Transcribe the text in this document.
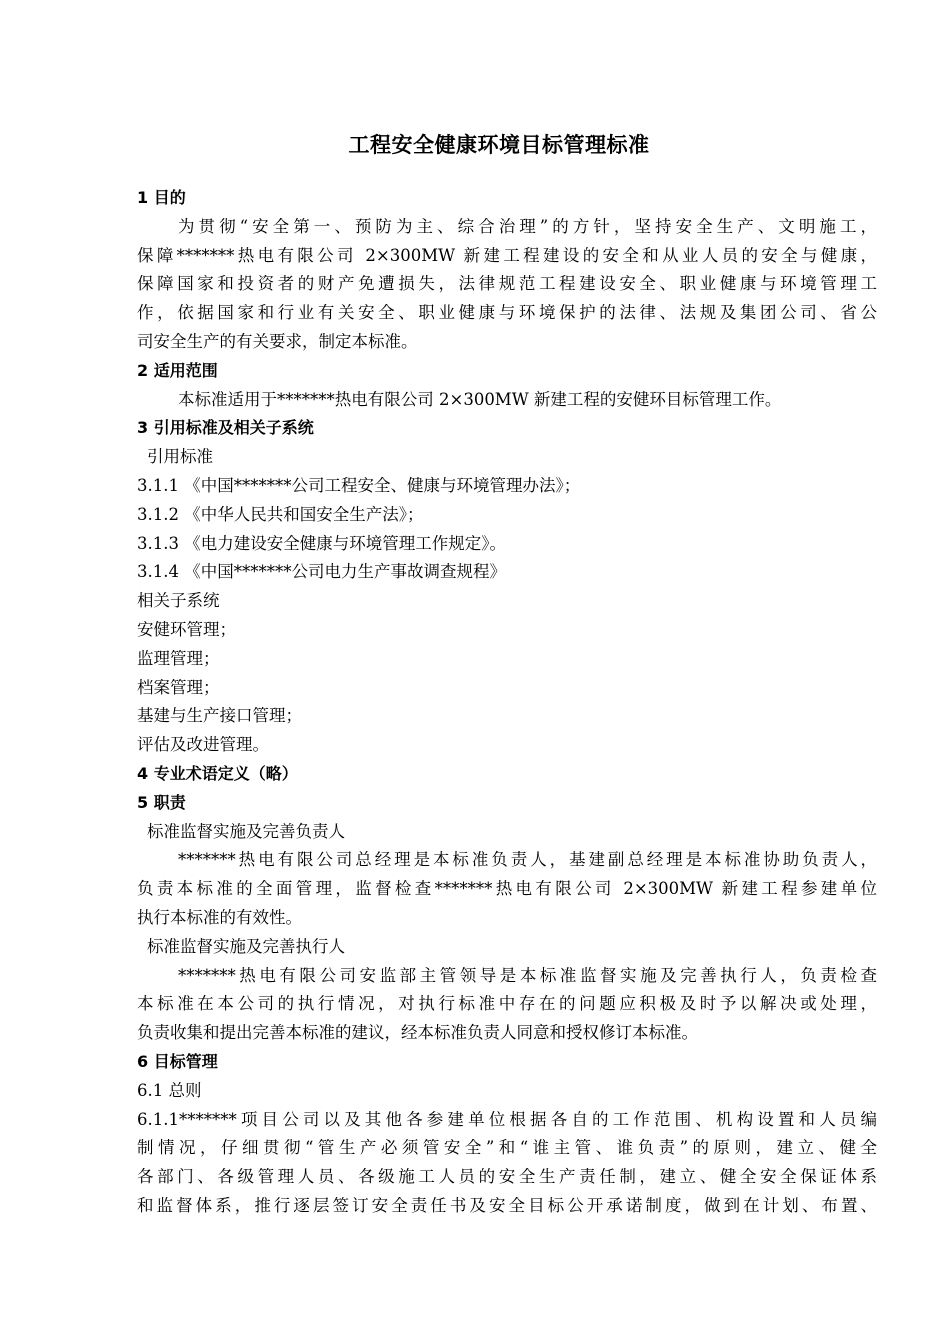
工程安全健康环境目标管理标准
1 目的
为贯彻“安全第一、预防为主、综合治理”的方针，坚持安全生产、文明施工，
保障*******热电有限公司 2×300MW 新建工程建设的安全和从业人员的安全与健康，
保障国家和投资者的财产免遭损失，法律规范工程建设安全、职业健康与环境管理工
作，依据国家和行业有关安全、职业健康与环境保护的法律、法规及集团公司、省公
司安全生产的有关要求，制定本标准。
2 适用范围
本标准适用于*******热电有限公司 2×300MW 新建工程的安健环目标管理工作。
3 引用标准及相关子系统
引用标准
3.1.1 《中国*******公司工程安全、健康与环境管理办法》；
3.1.2 《中华人民共和国安全生产法》；
3.1.3 《电力建设安全健康与环境管理工作规定》。
3.1.4 《中国*******公司电力生产事故调查规程》
相关子系统
安健环管理；
监理管理；
档案管理；
基建与生产接口管理；
评估及改进管理。
4 专业术语定义（略）
5 职责
标准监督实施及完善负责人
*******热电有限公司总经理是本标准负责人，基建副总经理是本标准协助负责人，
负责本标准的全面管理，监督检查*******热电有限公司 2×300MW 新建工程参建单位
执行本标准的有效性。
标准监督实施及完善执行人
*******热电有限公司安监部主管领导是本标准监督实施及完善执行人，负责检查
本标准在本公司的执行情况，对执行标准中存在的问题应积极及时予以解决或处理，
负责收集和提出完善本标准的建议，经本标准负责人同意和授权修订本标准。
6 目标管理
6.1 总则
6.1.1*******项目公司以及其他各参建单位根据各自的工作范围、机构设置和人员编
制情况，仔细贯彻“管生产必须管安全”和“谁主管、谁负责”的原则，建立、健全
各部门、各级管理人员、各级施工人员的安全生产责任制，建立、健全安全保证体系
和监督体系，推行逐层签订安全责任书及安全目标公开承诺制度，做到在计划、布置、
